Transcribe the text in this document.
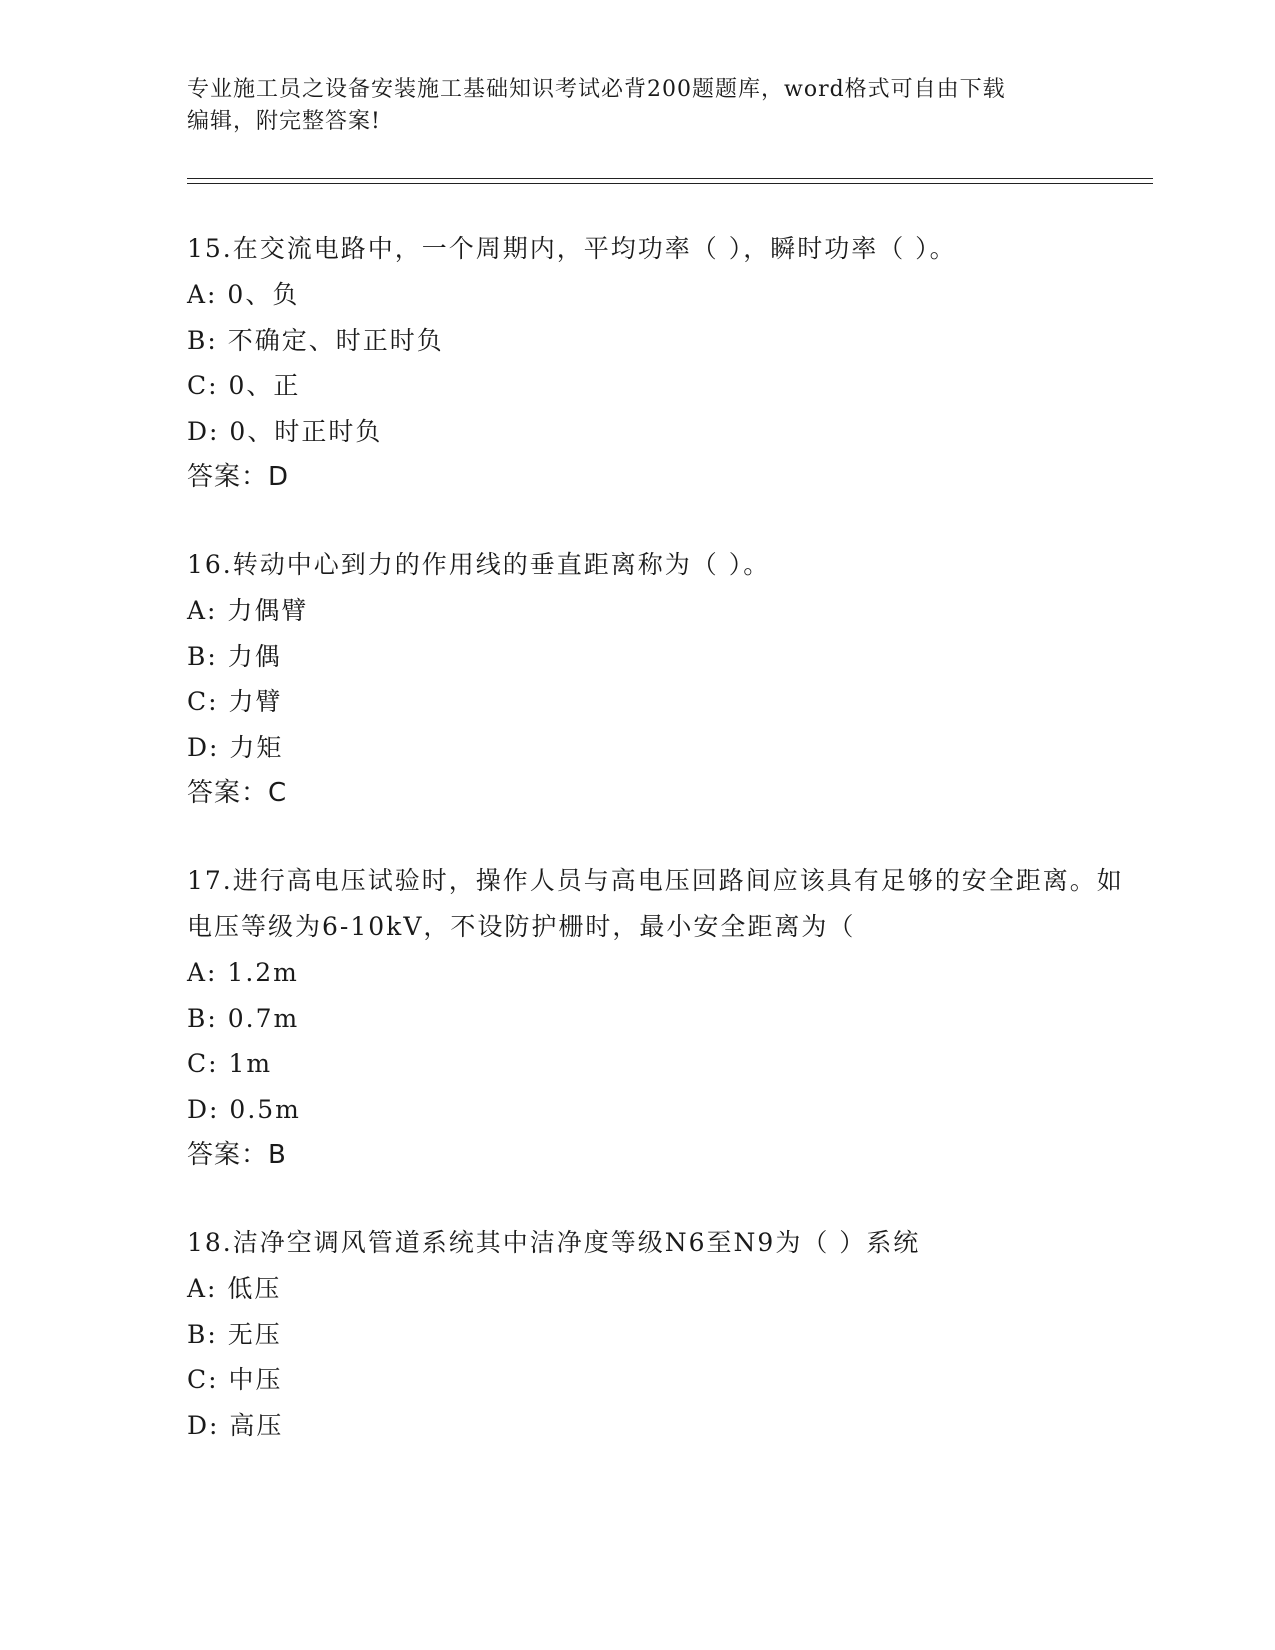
专业施工员之设备安装施工基础知识考试必背200题题库，word格式可自由下载
编辑，附完整答案!

15.在交流电路中，一个周期内，平均功率（ ），瞬时功率（ ）。

A: 0、负

B: 不确定、时正时负

C: 0、正

D: 0、时正时负

答案：D

16.转动中心到力的作用线的垂直距离称为（ ）。

A: 力偶臂

B: 力偶

C: 力臂

D: 力矩

答案：C

17.进行高电压试验时，操作人员与高电压回路间应该具有足够的安全距离。如电压等级为6-10kV，不设防护栅时，最小安全距离为（

A: 1.2m

B: 0.7m

C: 1m

D: 0.5m

答案：B

18.洁净空调风管道系统其中洁净度等级N6至N9为（ ）系统

A: 低压

B: 无压

C: 中压

D: 高压
